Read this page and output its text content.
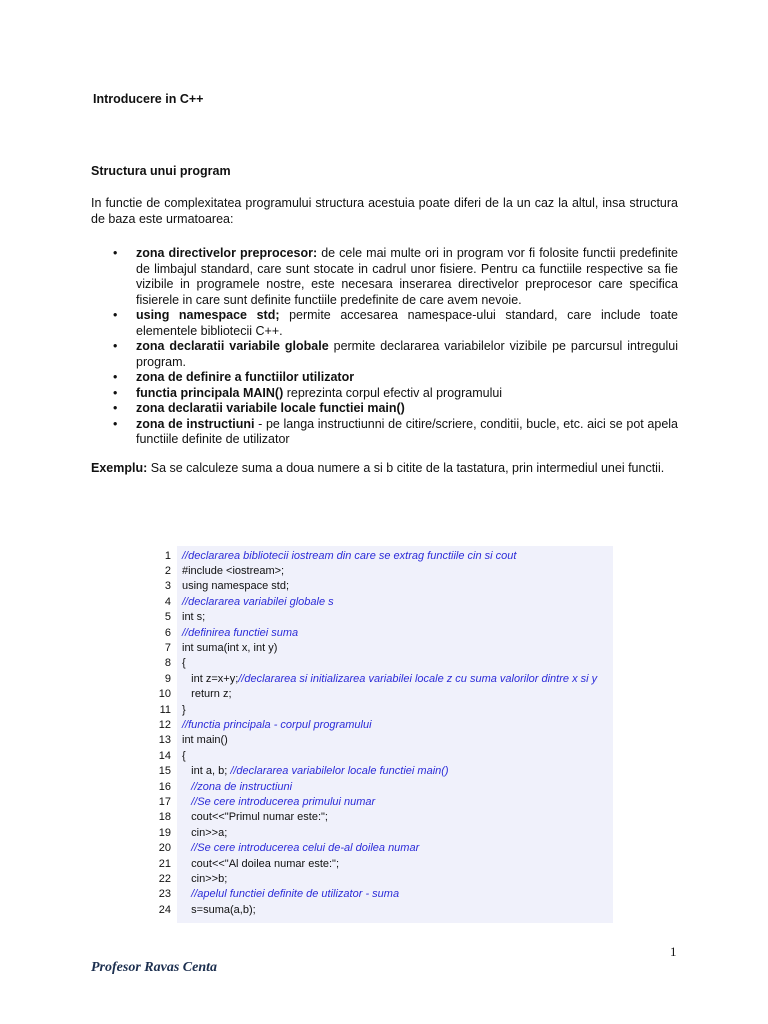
Introducere in C++
Structura unui program
In functie de complexitatea programului structura acestuia poate diferi de la un caz la altul, insa structura de baza este urmatoarea:
• zona directivelor preprocesor: de cele mai multe ori in program vor fi folosite functii predefinite de limbajul standard, care sunt stocate in cadrul unor fisiere. Pentru ca functiile respective sa fie vizibile in programele nostre, este necesara inserarea directivelor preprocesor care specifica fisierele in care sunt definite functiile predefinite de care avem nevoie.
• using namespace std; permite accesarea namespace-ului standard, care include toate elementele bibliotecii C++.
• zona declaratii variabile globale permite declararea variabilelor vizibile pe parcursul intregului program.
• zona de definire a functiilor utilizator
• functia principala MAIN() reprezinta corpul efectiv al programului
• zona declaratii variabile locale functiei main()
• zona de instructiuni - pe langa instructiunni de citire/scriere, conditii, bucle, etc. aici se pot apela functiile definite de utilizator
Exemplu: Sa se calculeze suma a doua numere a si b citite de la tastatura, prin intermediul unei functii.
1 //declararea bibliotecii iostream din care se extrag functiile cin si cout
2 #include <iostream>;
3 using namespace std;
4 //declararea variabilei globale s
5 int s;
6 //definirea functiei suma
7 int suma(int x, int y)
8 {
9 int z=x+y;//declararea si initializarea variabilei locale z cu suma valorilor dintre x si y
10 return z;
11 }
12 //functia principala - corpul programului
13 int main()
14 {
15 int a, b; //declararea variabilelor locale functiei main()
16	//zona de instructiuni
17	//Se cere introducerea primului numar
18 cout<<"Primul numar este:";
19 cin>>a;
20	//Se cere introducerea celui de-al doilea numar
21 cout<<"Al doilea numar este:";
22 cin>>b;
23	//apelul functiei definite de utilizator - suma
24 s=suma(a,b);
1
Profesor Ravas Centa
